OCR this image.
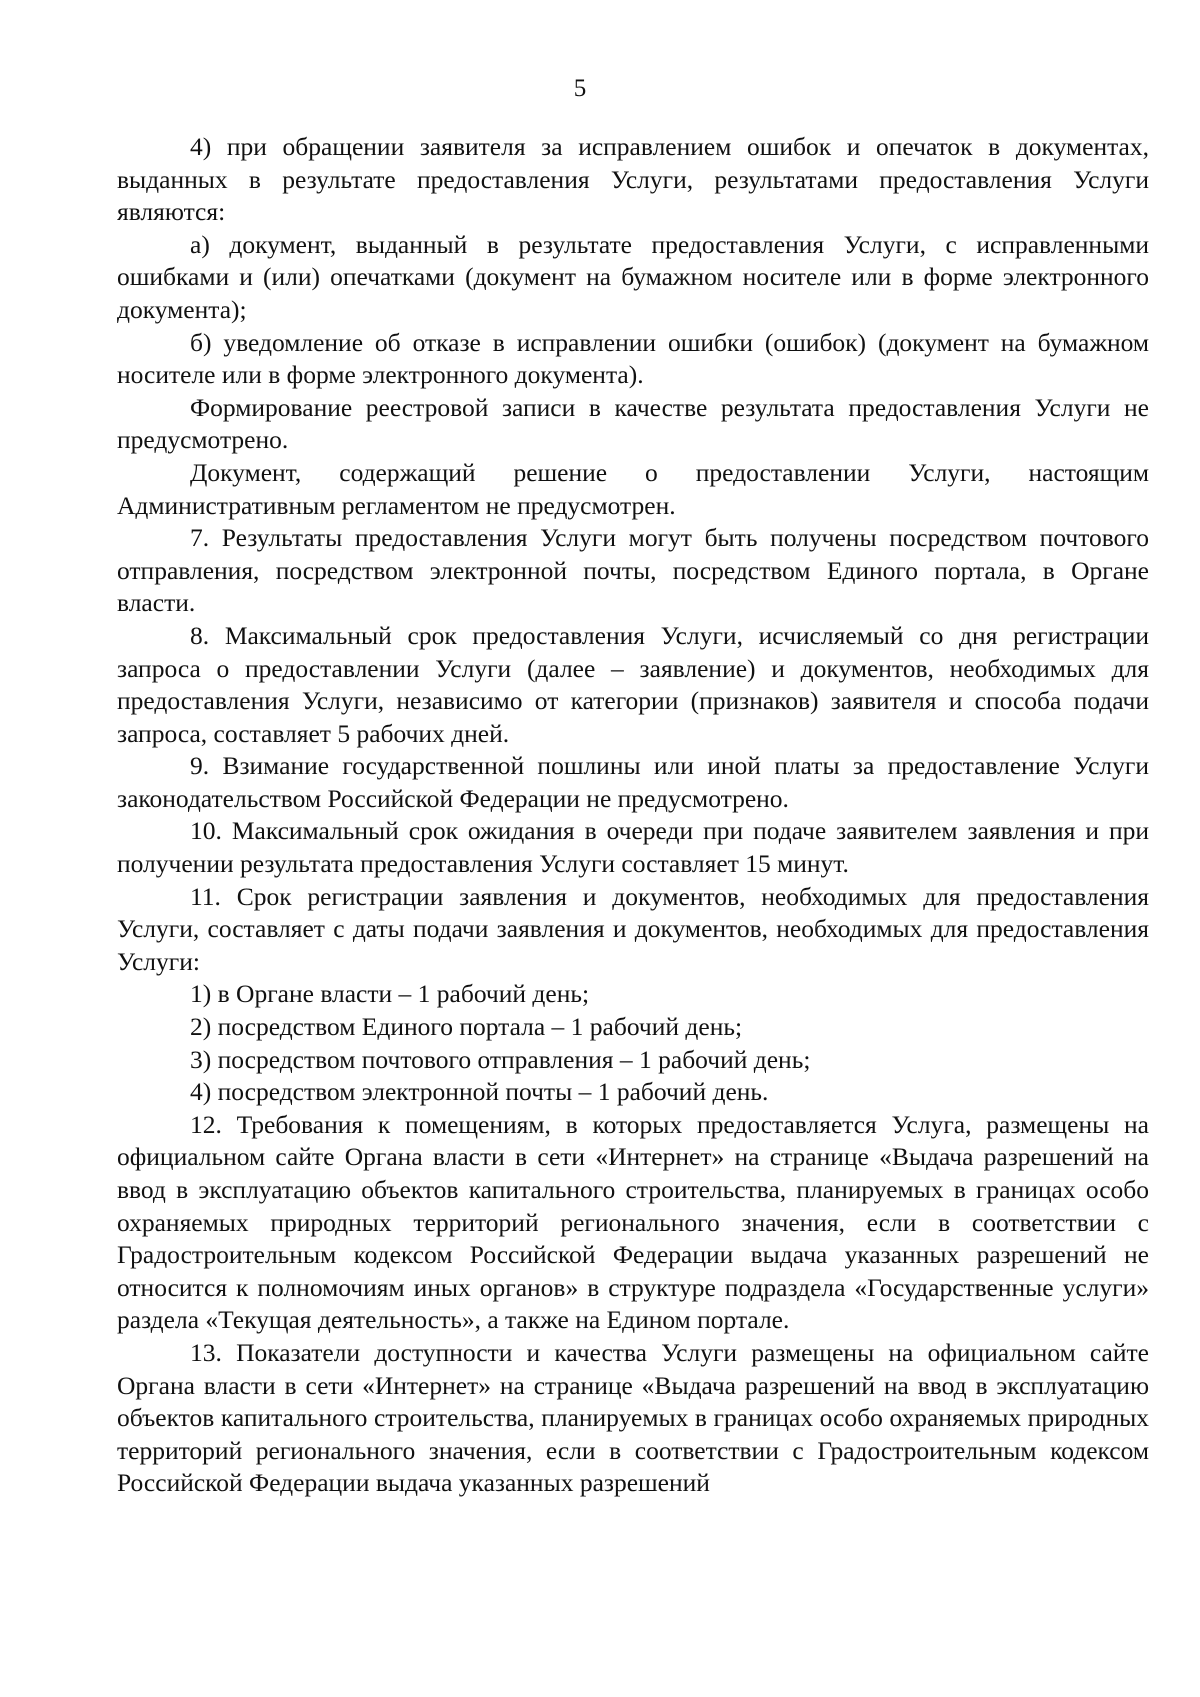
5

4) при обращении заявителя за исправлением ошибок и опечаток в документах, выданных в результате предоставления Услуги, результатами предоставления Услуги являются:

а) документ, выданный в результате предоставления Услуги, с исправленными ошибками и (или) опечатками (документ на бумажном носителе или в форме электронного документа);

б) уведомление об отказе в исправлении ошибки (ошибок) (документ на бумажном носителе или в форме электронного документа).

Формирование реестровой записи в качестве результата предоставления Услуги не предусмотрено.

Документ, содержащий решение о предоставлении Услуги, настоящим Административным регламентом не предусмотрен.

7. Результаты предоставления Услуги могут быть получены посредством почтового отправления, посредством электронной почты, посредством Единого портала, в Органе власти.

8. Максимальный срок предоставления Услуги, исчисляемый со дня регистрации запроса о предоставлении Услуги (далее – заявление) и документов, необходимых для предоставления Услуги, независимо от категории (признаков) заявителя и способа подачи запроса, составляет 5 рабочих дней.

9. Взимание государственной пошлины или иной платы за предоставление Услуги законодательством Российской Федерации не предусмотрено.

10. Максимальный срок ожидания в очереди при подаче заявителем заявления и при получении результата предоставления Услуги составляет 15 минут.

11. Срок регистрации заявления и документов, необходимых для предоставления Услуги, составляет с даты подачи заявления и документов, необходимых для предоставления Услуги:

1) в Органе власти – 1 рабочий день;

2) посредством Единого портала – 1 рабочий день;

3) посредством почтового отправления – 1 рабочий день;

4) посредством электронной почты – 1 рабочий день.

12. Требования к помещениям, в которых предоставляется Услуга, размещены на официальном сайте Органа власти в сети «Интернет» на странице «Выдача разрешений на ввод в эксплуатацию объектов капитального строительства, планируемых в границах особо охраняемых природных территорий регионального значения, если в соответствии с Градостроительным кодексом Российской Федерации выдача указанных разрешений не относится к полномочиям иных органов» в структуре подраздела «Государственные услуги» раздела «Текущая деятельность», а также на Едином портале.

13. Показатели доступности и качества Услуги размещены на официальном сайте Органа власти в сети «Интернет» на странице «Выдача разрешений на ввод в эксплуатацию объектов капитального строительства, планируемых в границах особо охраняемых природных территорий регионального значения, если в соответствии с Градостроительным кодексом Российской Федерации выдача указанных разрешений
